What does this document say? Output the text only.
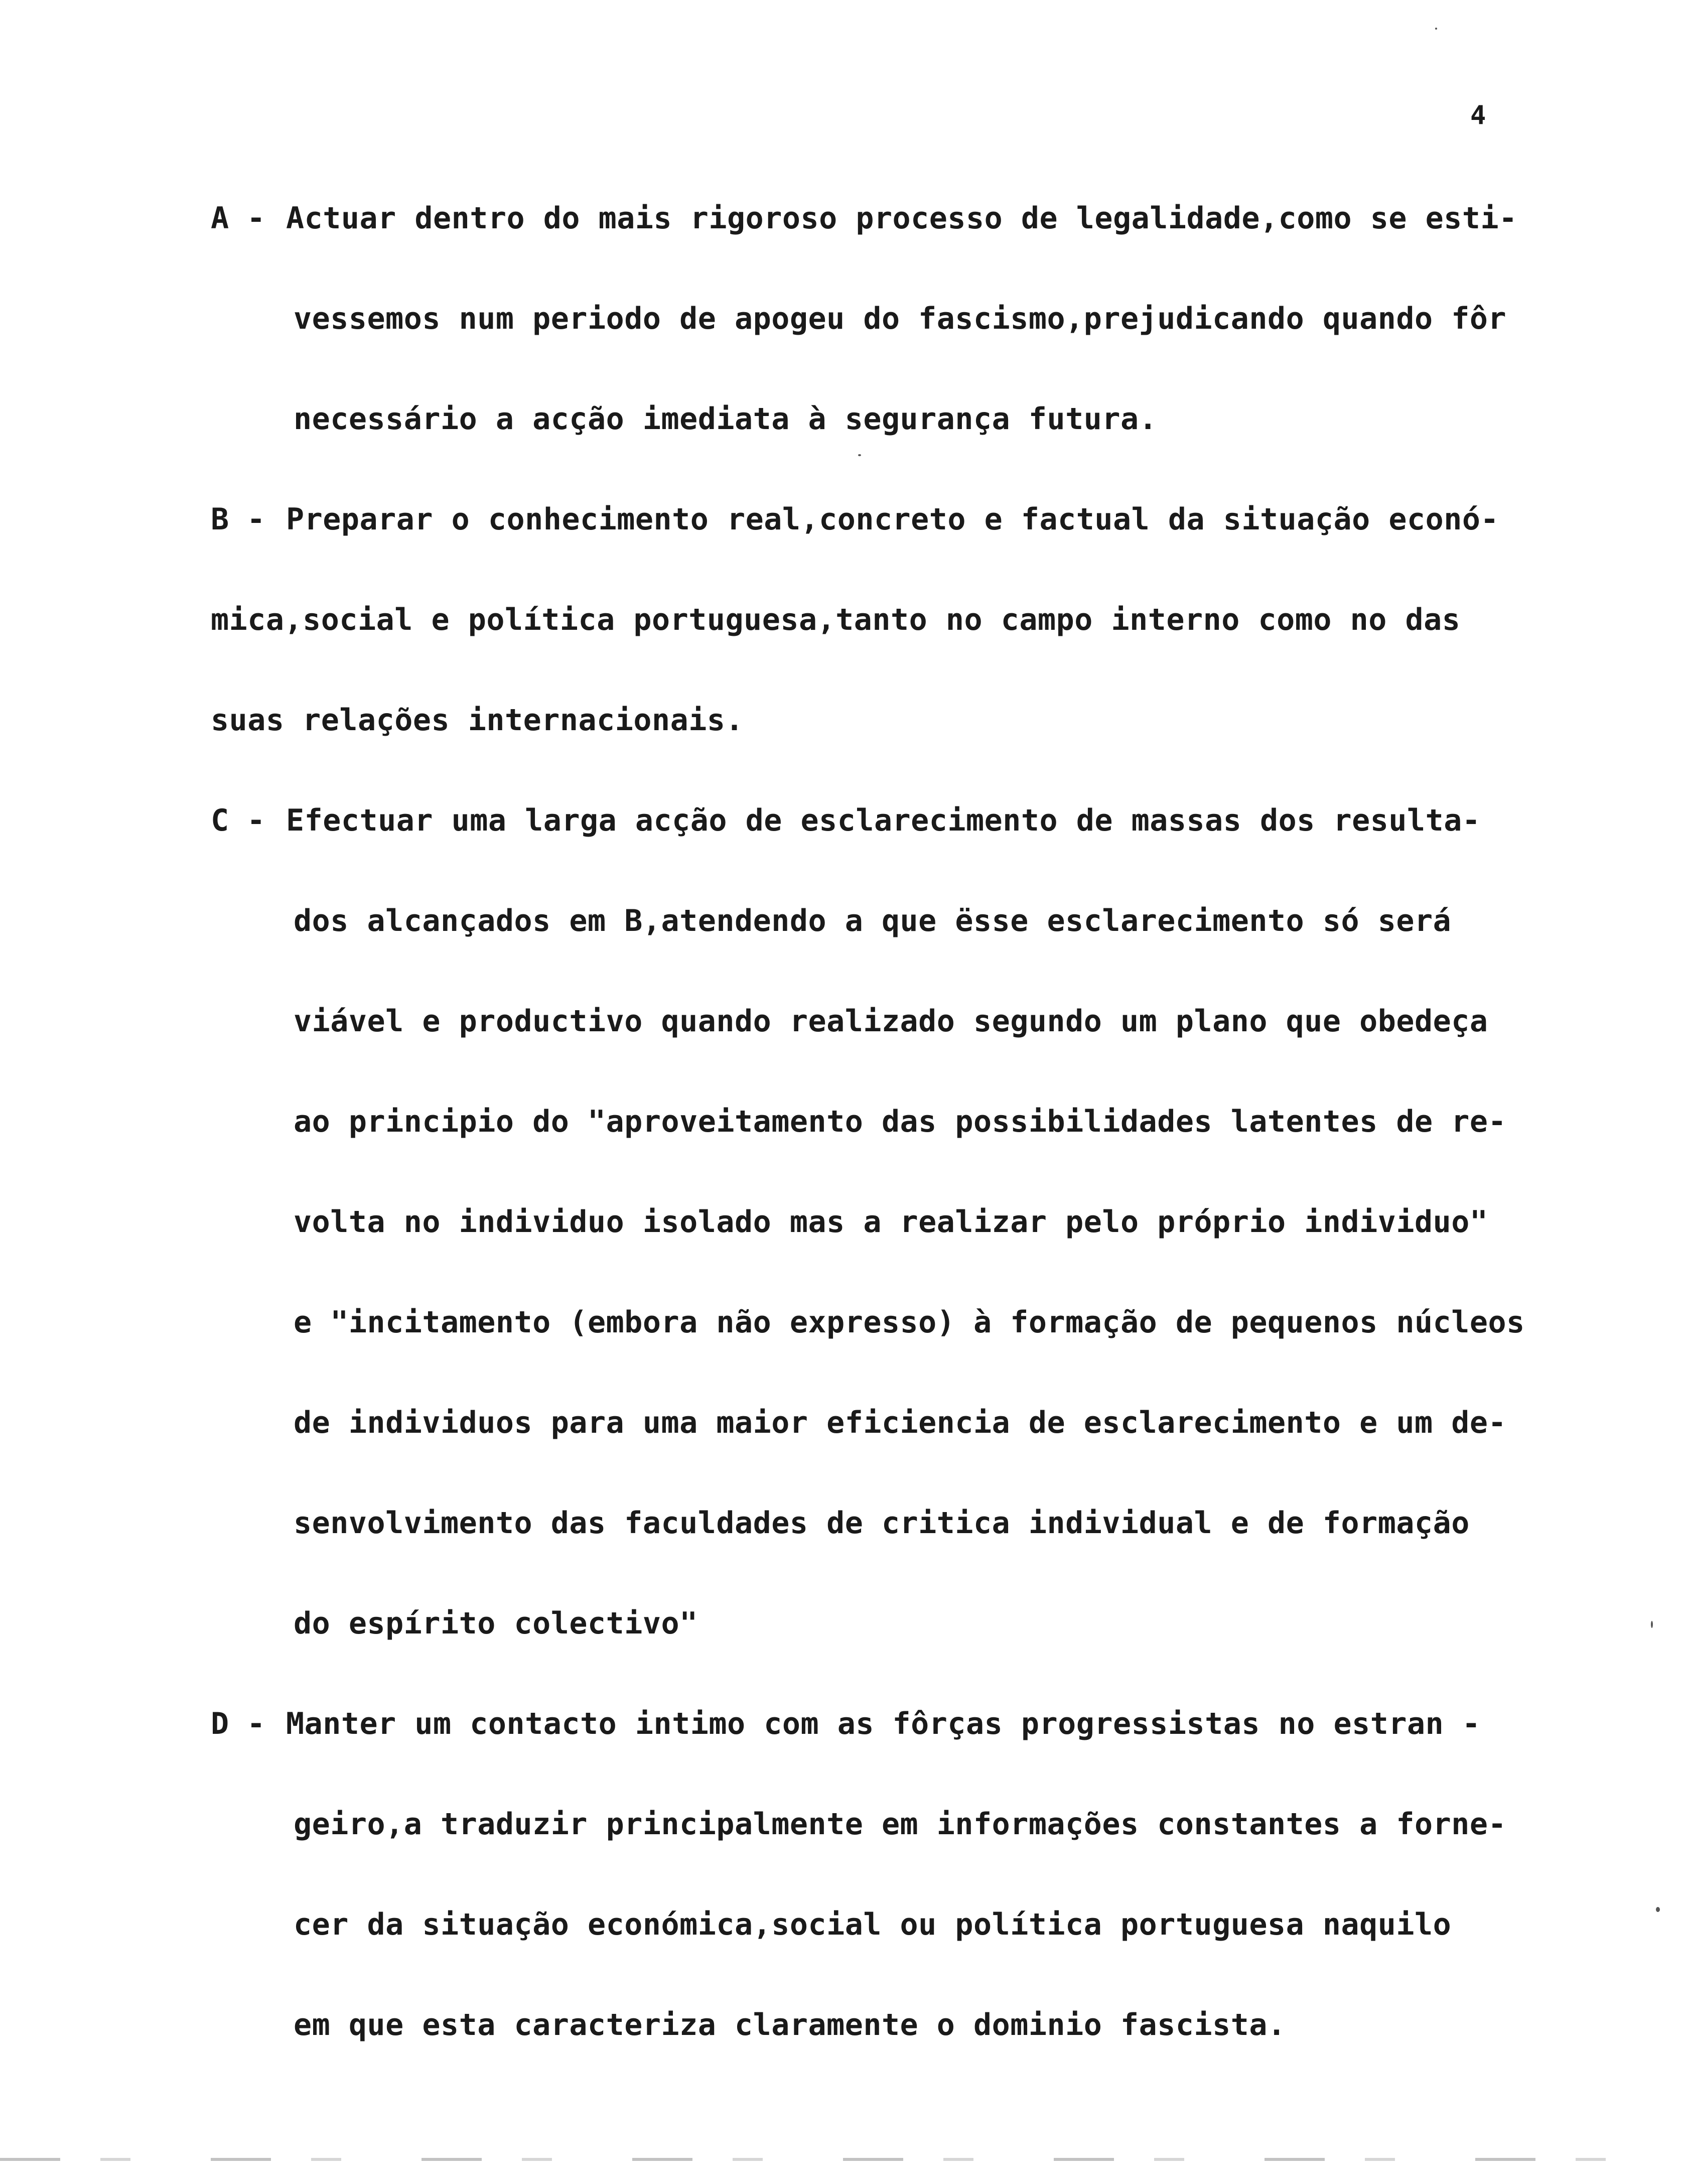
4
A - Actuar dentro do mais rigoroso processo de legalidade,como se esti-
vessemos num periodo de apogeu do fascismo,prejudicando quando fôr
necessário a acção imediata à segurança futura.
B - Preparar o conhecimento real,concreto e factual da situação econó-
mica,social e política portuguesa,tanto no campo interno como no das
suas relações internacionais.
C - Efectuar uma larga acção de esclarecimento de massas dos resulta-
dos alcançados em B,atendendo a que ësse esclarecimento só será
viável e productivo quando realizado segundo um plano que obedeça
ao principio do "aproveitamento das possibilidades latentes de re-
volta no individuo isolado mas a realizar pelo próprio individuo"
e "incitamento (embora não expresso) à formação de pequenos núcleos
de individuos para uma maior eficiencia de esclarecimento e um de-
senvolvimento das faculdades de critica individual e de formação
do espírito colectivo"
D - Manter um contacto intimo com as fôrças progressistas no estran -
geiro,a traduzir principalmente em informações constantes a forne-
cer da situação económica,social ou política portuguesa naquilo
em que esta caracteriza claramente o dominio fascista.
